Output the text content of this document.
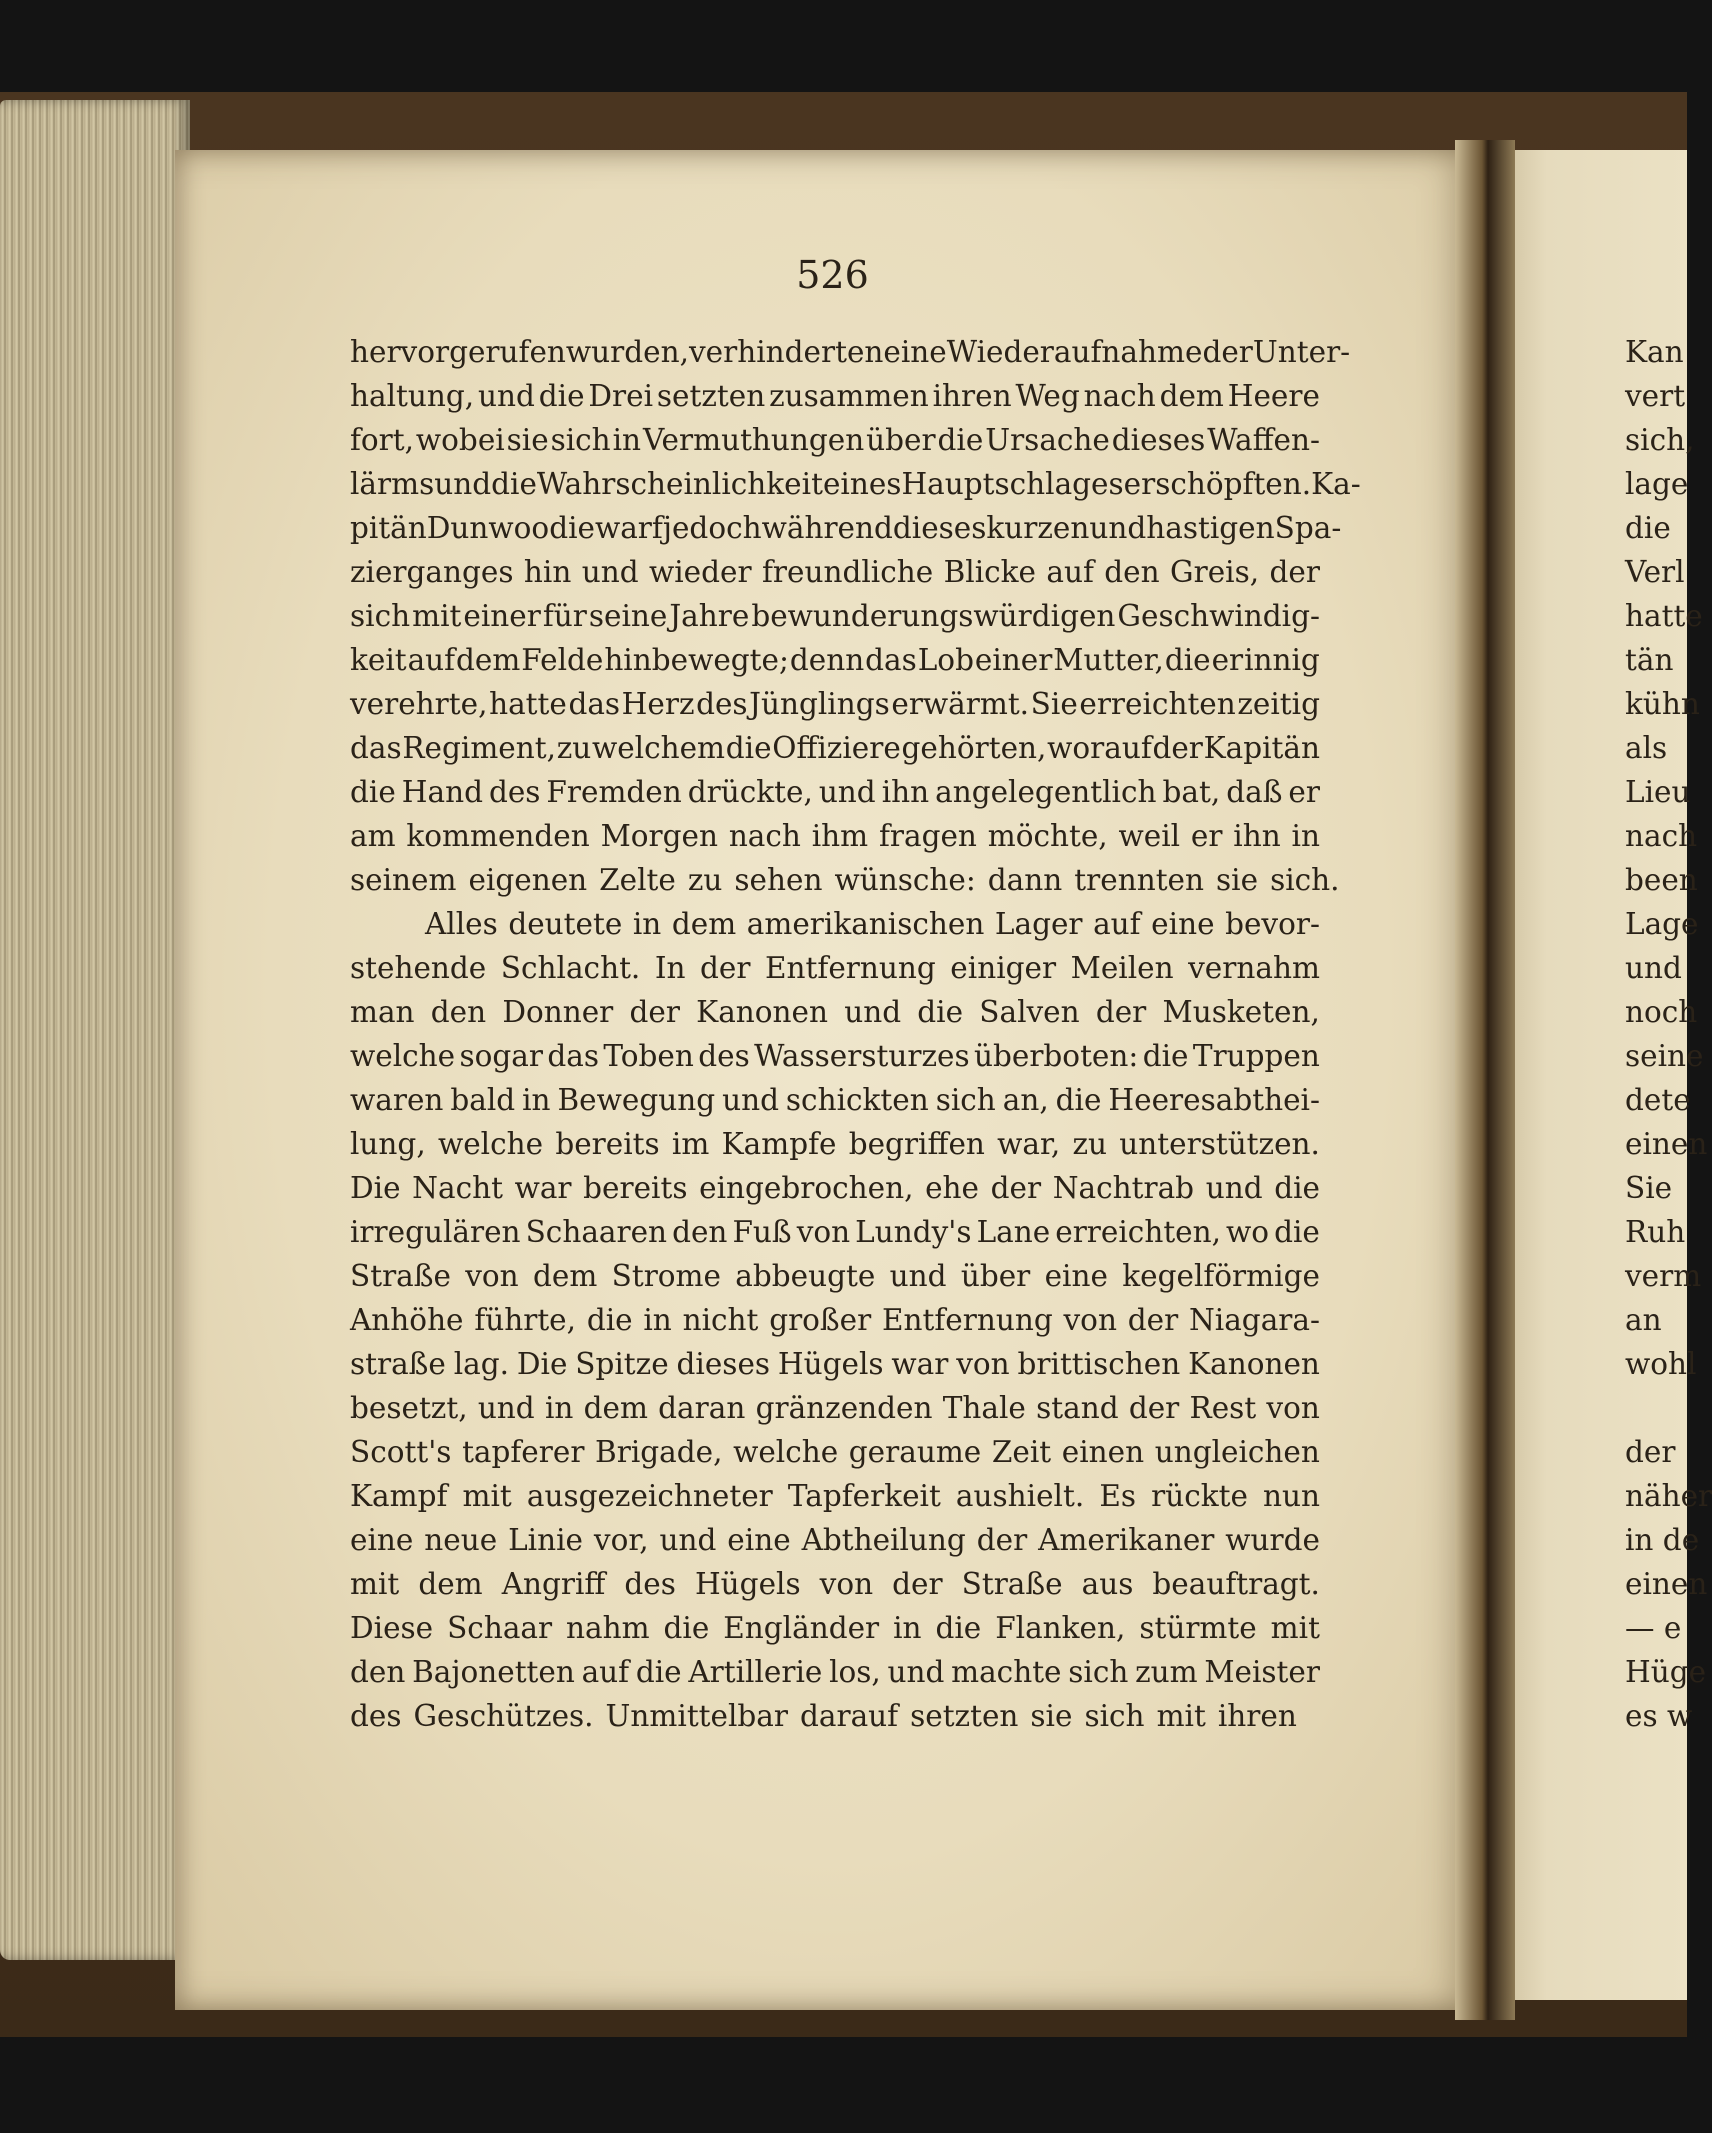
526
hervorgerufen wurden, verhinderten eine Wiederaufnahme der Unter-
haltung, und die Drei setzten zusammen ihren Weg nach dem Heere
fort, wobei sie sich in Vermuthungen über die Ursache dieses Waffen-
lärms und die Wahrscheinlichkeit eines Hauptschlages erschöpften. Ka-
pitän Dunwoodie warf jedoch während dieses kurzen und hastigen Spa-
zierganges hin und wieder freundliche Blicke auf den Greis, der
sich mit einer für seine Jahre bewunderungswürdigen Geschwindig-
keit auf dem Felde hinbewegte; denn das Lob einer Mutter, die er innig
verehrte, hatte das Herz des Jünglings erwärmt. Sie erreichten zeitig
das Regiment, zu welchem die Offiziere gehörten, worauf der Kapitän
die Hand des Fremden drückte, und ihn angelegentlich bat, daß er
am kommenden Morgen nach ihm fragen möchte, weil er ihn in
seinem eigenen Zelte zu sehen wünsche: dann trennten sie sich.
Alles deutete in dem amerikanischen Lager auf eine bevor-
stehende Schlacht. In der Entfernung einiger Meilen vernahm
man den Donner der Kanonen und die Salven der Musketen,
welche sogar das Toben des Wassersturzes überboten: die Truppen
waren bald in Bewegung und schickten sich an, die Heeresabthei-
lung, welche bereits im Kampfe begriffen war, zu unterstützen.
Die Nacht war bereits eingebrochen, ehe der Nachtrab und die
irregulären Schaaren den Fuß von Lundy's Lane erreichten, wo die
Straße von dem Strome abbeugte und über eine kegelförmige
Anhöhe führte, die in nicht großer Entfernung von der Niagara-
straße lag. Die Spitze dieses Hügels war von brittischen Kanonen
besetzt, und in dem daran gränzenden Thale stand der Rest von
Scott's tapferer Brigade, welche geraume Zeit einen ungleichen
Kampf mit ausgezeichneter Tapferkeit aushielt. Es rückte nun
eine neue Linie vor, und eine Abtheilung der Amerikaner wurde
mit dem Angriff des Hügels von der Straße aus beauftragt.
Diese Schaar nahm die Engländer in die Flanken, stürmte mit
den Bajonetten auf die Artillerie los, und machte sich zum Meister
des Geschützes. Unmittelbar darauf setzten sie sich mit ihren
Kan
vert
sich,
lage
die
Verl
hatte
tän
kühn
als
Lieu
nach
been
Lage
und
noch
seine
dete
einen
Sie
Ruh
verm
an
wohl
der
näher
in de
einen
— e
Hüge
es w
